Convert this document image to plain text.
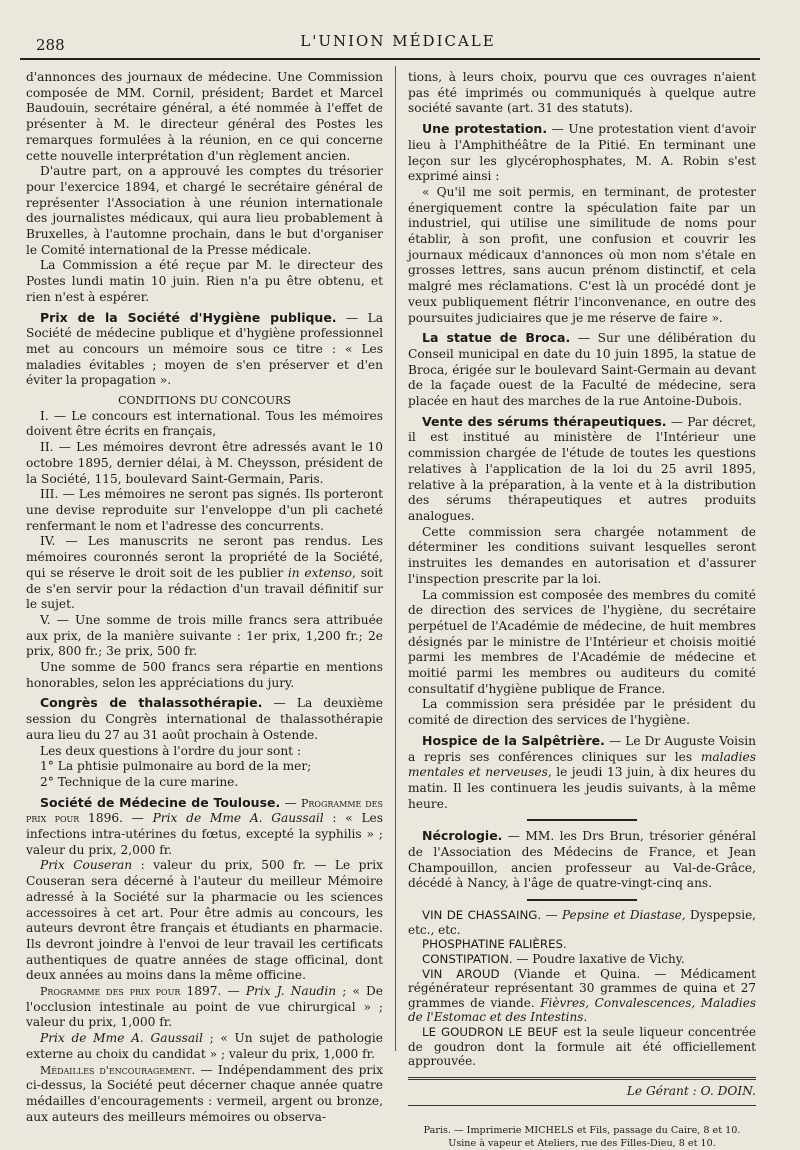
288	L'UNION MÉDICALE

d'annonces des journaux de médecine. Une Commission composée de MM. Cornil, président; Bardet et Marcel Baudouin, secrétaire général, a été nommée à l'effet de présenter à M. le directeur général des Postes les remarques formulées à la réunion, en ce qui concerne cette nouvelle interprétation d'un règlement ancien.

D'autre part, on a approuvé les comptes du trésorier pour l'exercice 1894, et chargé le secrétaire général de représenter l'Association à une réunion internationale des journalistes médicaux, qui aura lieu probablement à Bruxelles, à l'automne prochain, dans le but d'organiser le Comité international de la Presse médicale.

La Commission a été reçue par M. le directeur des Postes lundi matin 10 juin. Rien n'a pu être obtenu, et rien n'est à espérer.

Prix de la Société d'Hygiène publique. — La Société de médecine publique et d'hygiène professionnel met au concours un mémoire sous ce titre : « Les maladies évitables ; moyen de s'en préserver et d'en éviter la propagation ».

CONDITIONS DU CONCOURS

I. — Le concours est international. Tous les mémoires doivent être écrits en français,

II. — Les mémoires devront être adressés avant le 10 octobre 1895, dernier délai, à M. Cheysson, président de la Société, 115, boulevard Saint-Germain, Paris.

III. — Les mémoires ne seront pas signés. Ils porteront une devise reproduite sur l'enveloppe d'un pli cacheté renfermant le nom et l'adresse des concurrents.

IV. — Les manuscrits ne seront pas rendus. Les mémoires couronnés seront la propriété de la Société, qui se réserve le droit soit de les publier in extenso, soit de s'en servir pour la rédaction d'un travail définitif sur le sujet.

V. — Une somme de trois mille francs sera attribuée aux prix, de la manière suivante : 1er prix, 1,200 fr.; 2e prix, 800 fr.; 3e prix, 500 fr.

Une somme de 500 francs sera répartie en mentions honorables, selon les appréciations du jury.

Congrès de thalassothérapie. — La deuxième session du Congrès international de thalassothérapie aura lieu du 27 au 31 août prochain à Ostende.

Les deux questions à l'ordre du jour sont :

1° La phtisie pulmonaire au bord de la mer;

2° Technique de la cure marine.

Société de Médecine de Toulouse. — Programme des prix pour 1896. — Prix de Mme A. Gaussail : « Les infections intra-utérines du fœtus, excepté la syphilis » ; valeur du prix, 2,000 fr.

Prix Couseran : valeur du prix, 500 fr. — Le prix Couseran sera décerné à l'auteur du meilleur Mémoire adressé à la Société sur la pharmacie ou les sciences accessoires à cet art. Pour être admis au concours, les auteurs devront être français et étudiants en pharmacie. Ils devront joindre à l'envoi de leur travail les certificats authentiques de quatre années de stage officinal, dont deux années au moins dans la même officine.

Programme des prix pour 1897. — Prix J. Naudin ; « De l'occlusion intestinale au point de vue chirurgical » ; valeur du prix, 1,000 fr.

Prix de Mme A. Gaussail ; « Un sujet de pathologie externe au choix du candidat » ; valeur du prix, 1,000 fr.

Médailles d'encouragement. — Indépendamment des prix ci-dessus, la Société peut décerner chaque année quatre médailles d'encouragements : vermeil, argent ou bronze, aux auteurs des meilleurs mémoires ou observa-

tions, à leurs choix, pourvu que ces ouvrages n'aient pas été imprimés ou communiqués à quelque autre société savante (art. 31 des statuts).

Une protestation. — Une protestation vient d'avoir lieu à l'Amphithéâtre de la Pitié. En terminant une leçon sur les glycérophosphates, M. A. Robin s'est exprimé ainsi :

« Qu'il me soit permis, en terminant, de protester énergiquement contre la spéculation faite par un industriel, qui utilise une similitude de noms pour établir, à son profit, une confusion et couvrir les journaux médicaux d'annonces où mon nom s'étale en grosses lettres, sans aucun prénom distinctif, et cela malgré mes réclamations. C'est là un procédé dont je veux publiquement flétrir l'inconvenance, en outre des poursuites judiciaires que je me réserve de faire ».

La statue de Broca. — Sur une délibération du Conseil municipal en date du 10 juin 1895, la statue de Broca, érigée sur le boulevard Saint-Germain au devant de la façade ouest de la Faculté de médecine, sera placée en haut des marches de la rue Antoine-Dubois.

Vente des sérums thérapeutiques. — Par décret, il est institué au ministère de l'Intérieur une commission chargée de l'étude de toutes les questions relatives à l'application de la loi du 25 avril 1895, relative à la préparation, à la vente et à la distribution des sérums thérapeutiques et autres produits analogues.

Cette commission sera chargée notamment de déterminer les conditions suivant lesquelles seront instruites les demandes en autorisation et d'assurer l'inspection prescrite par la loi.

La commission est composée des membres du comité de direction des services de l'hygiène, du secrétaire perpétuel de l'Académie de médecine, de huit membres désignés par le ministre de l'Intérieur et choisis moitié parmi les membres de l'Académie de médecine et moitié parmi les membres ou auditeurs du comité consultatif d'hygiène publique de France.

La commission sera présidée par le président du comité de direction des services de l'hygiène.

Hospice de la Salpêtrière. — Le Dr Auguste Voisin a repris ses conférences cliniques sur les maladies mentales et nerveuses, le jeudi 13 juin, à dix heures du matin. Il les continuera les jeudis suivants, à la même heure.

Nécrologie. — MM. les Drs Brun, trésorier général de l'Association des Médecins de France, et Jean Champouillon, ancien professeur au Val-de-Grâce, décédé à Nancy, à l'âge de quatre-vingt-cinq ans.

VIN DE CHASSAING. — Pepsine et Diastase, Dyspepsie, etc., etc.

PHOSPHATINE FALIÈRES.

CONSTIPATION. — Poudre laxative de Vichy.

VIN AROUD (Viande et Quina. — Médicament régénérateur représentant 30 grammes de quina et 27 grammes de viande. Fièvres, Convalescences, Maladies de l'Estomac et des Intestins.

LE GOUDRON LE BEUF est la seule liqueur concentrée de goudron dont la formule ait été officiellement approuvée.

Le Gérant : O. DOIN.

Paris. — Imprimerie MICHELS et Fils, passage du Caire, 8 et 10.
Usine à vapeur et Ateliers, rue des Filles-Dieu, 8 et 10.
